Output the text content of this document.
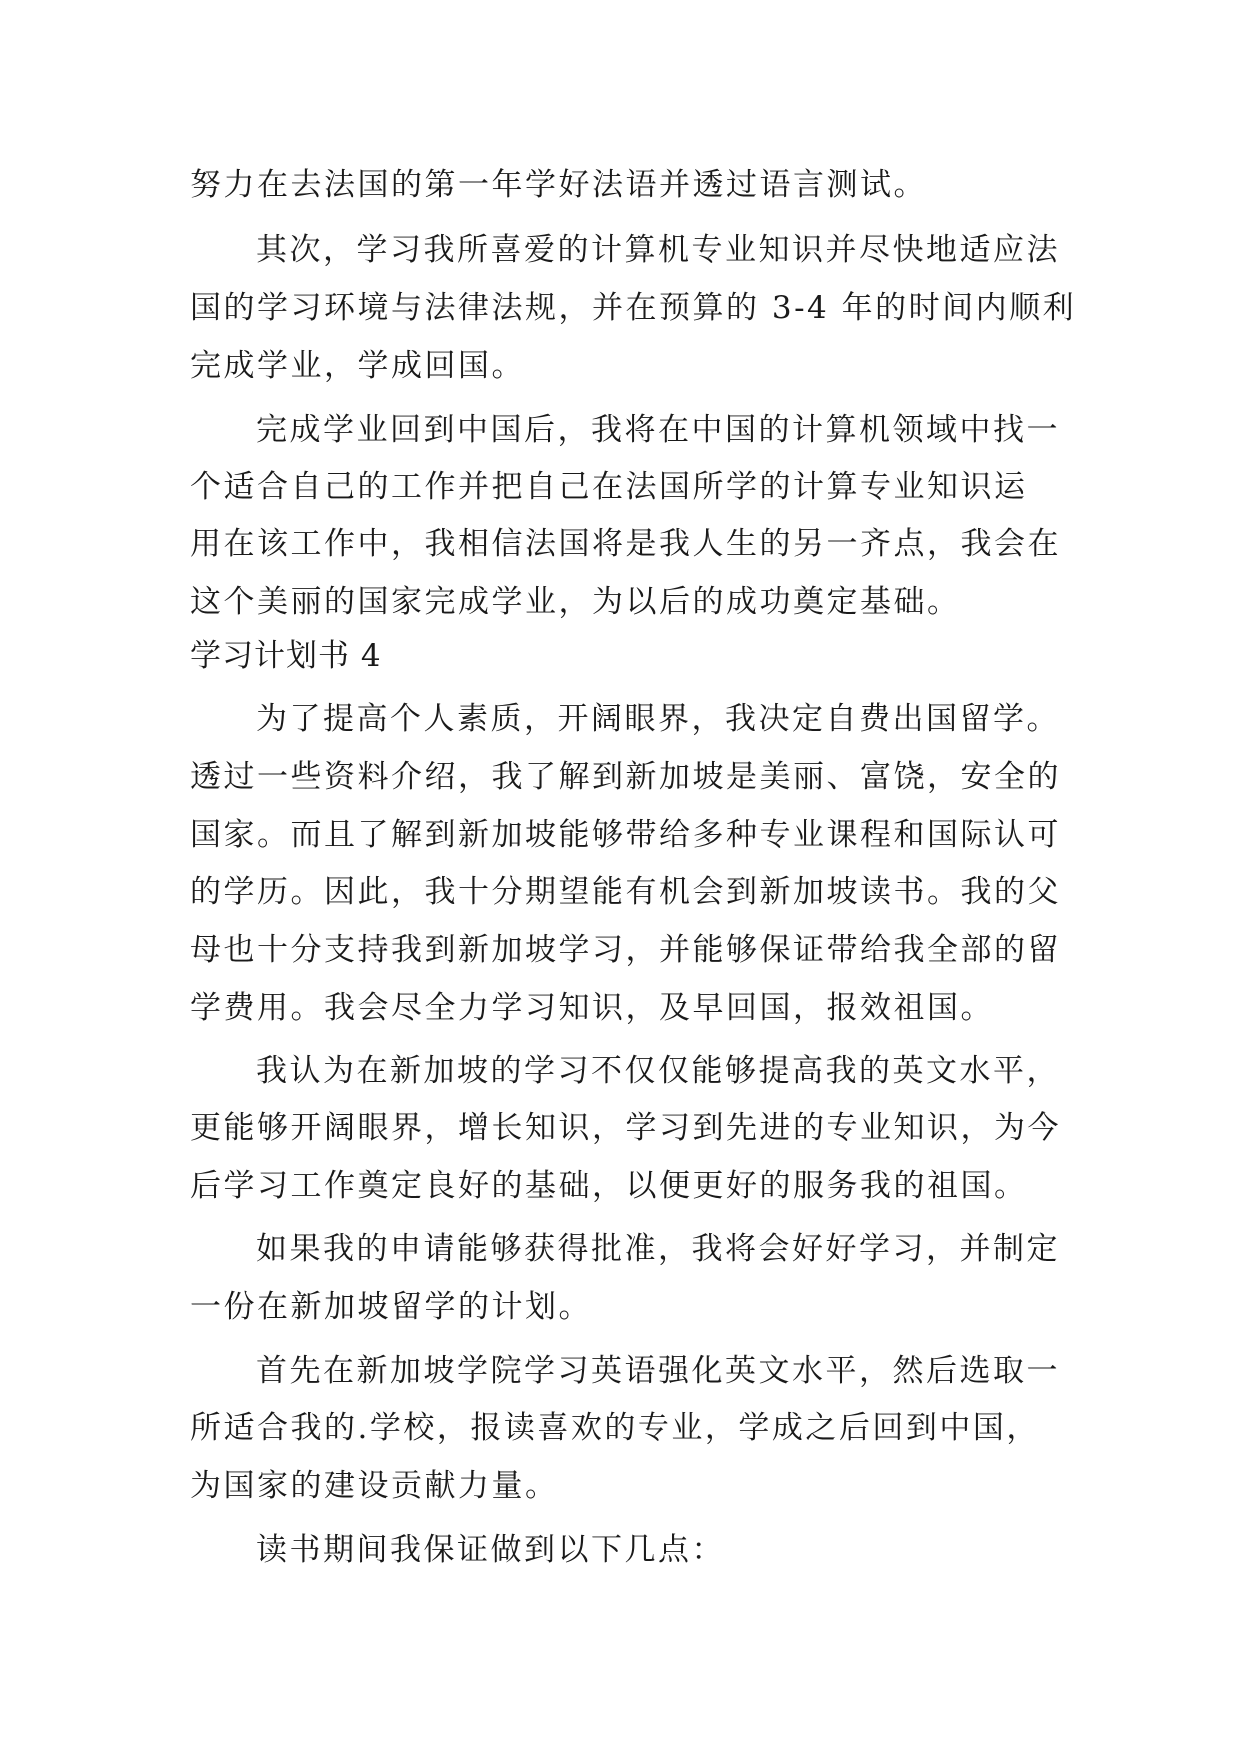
努力在去法国的第一年学好法语并透过语言测试。
其次，学习我所喜爱的计算机专业知识并尽快地适应法
国的学习环境与法律法规，并在预算的 3-4 年的时间内顺利
完成学业，学成回国。
完成学业回到中国后，我将在中国的计算机领域中找一
个适合自己的工作并把自己在法国所学的计算专业知识运
用在该工作中，我相信法国将是我人生的另一齐点，我会在
这个美丽的国家完成学业，为以后的成功奠定基础。
学习计划书 4
为了提高个人素质，开阔眼界，我决定自费出国留学。
透过一些资料介绍，我了解到新加坡是美丽、富饶，安全的
国家。而且了解到新加坡能够带给多种专业课程和国际认可
的学历。因此，我十分期望能有机会到新加坡读书。我的父
母也十分支持我到新加坡学习，并能够保证带给我全部的留
学费用。我会尽全力学习知识，及早回国，报效祖国。
我认为在新加坡的学习不仅仅能够提高我的英文水平，
更能够开阔眼界，增长知识，学习到先进的专业知识，为今
后学习工作奠定良好的基础，以便更好的服务我的祖国。
如果我的申请能够获得批准，我将会好好学习，并制定
一份在新加坡留学的计划。
首先在新加坡学院学习英语强化英文水平，然后选取一
所适合我的.学校，报读喜欢的专业，学成之后回到中国，
为国家的建设贡献力量。
读书期间我保证做到以下几点：
